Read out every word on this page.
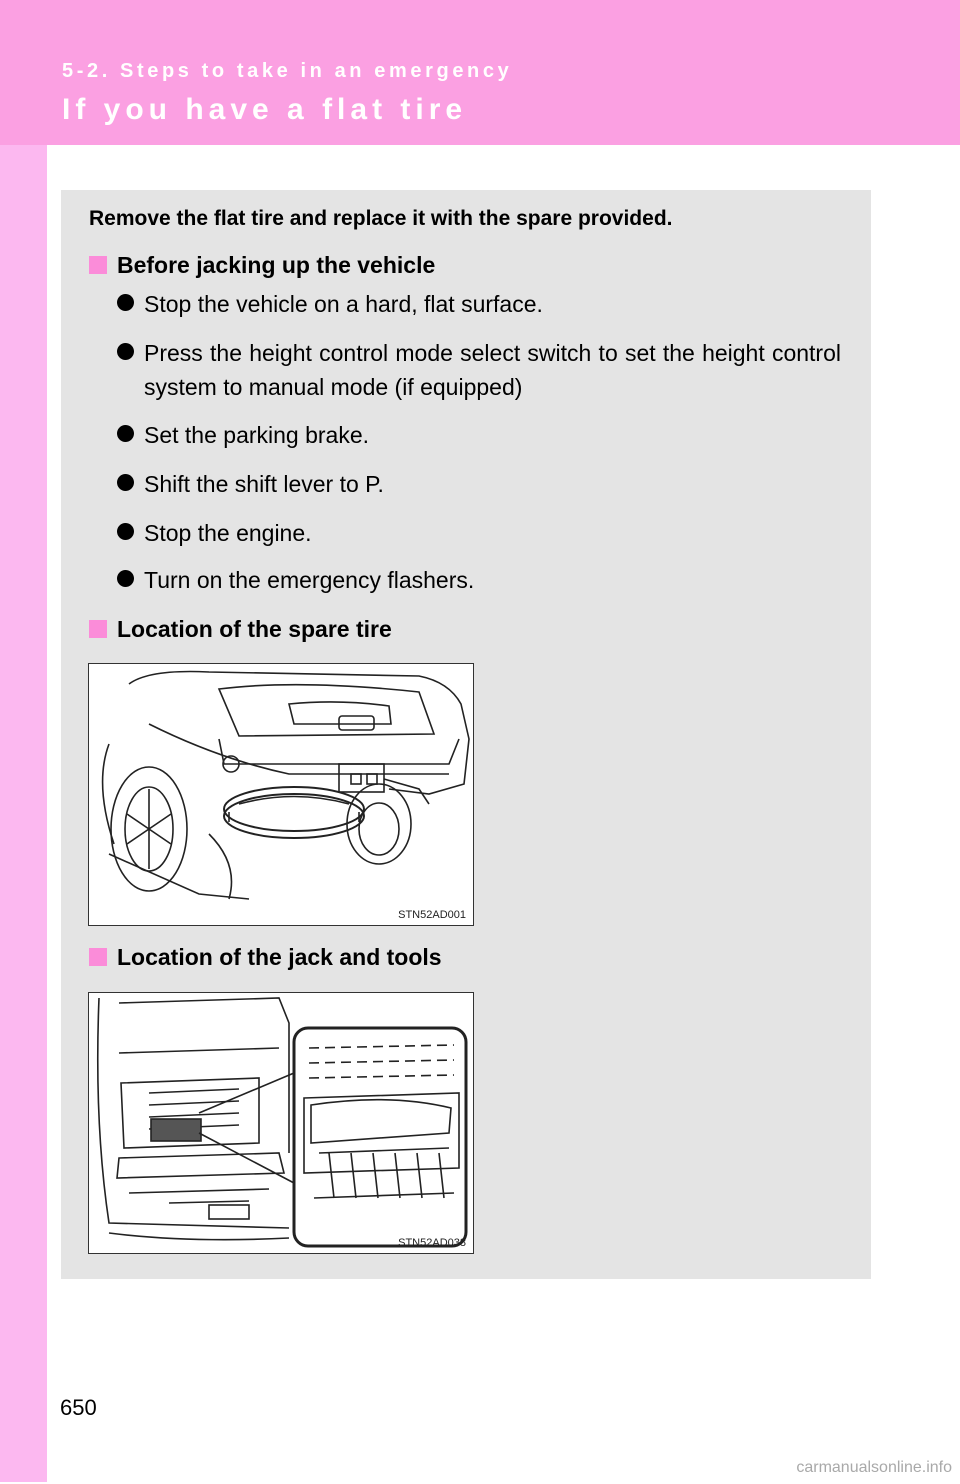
5-2. Steps to take in an emergency
If you have a flat tire
Remove the flat tire and replace it with the spare provided.
Before jacking up the vehicle
Stop the vehicle on a hard, flat surface.
Press the height control mode select switch to set the height control system to manual mode (if equipped)
Set the parking brake.
Shift the shift lever to P.
Stop the engine.
Turn on the emergency flashers.
Location of the spare tire
STN52AD001
Location of the jack and tools
STN52AD038
650
carmanualsonline.info
